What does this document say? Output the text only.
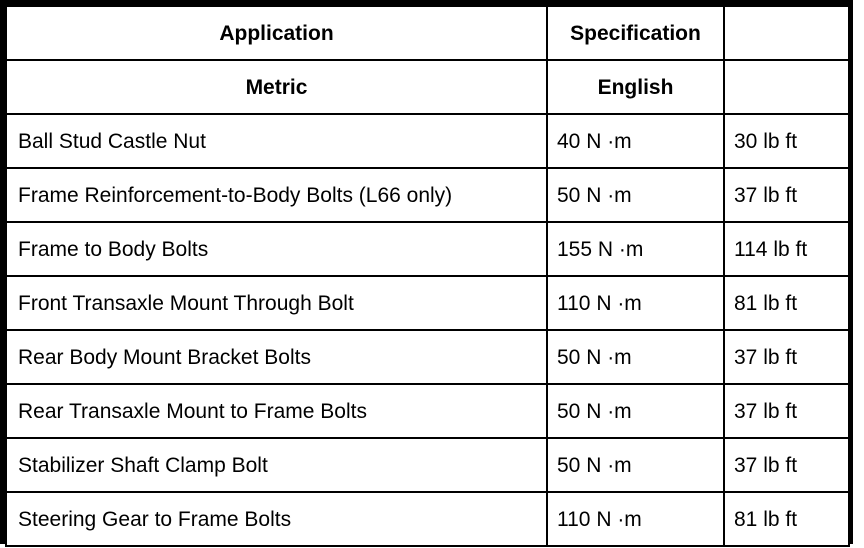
Application	Specification	
Metric	English	
Ball Stud Castle Nut	40 N ·m	30 lb ft
Frame Reinforcement-to-Body Bolts (L66 only)	50 N ·m	37 lb ft
Frame to Body Bolts	155 N ·m	114 lb ft
Front Transaxle Mount Through Bolt	110 N ·m	81 lb ft
Rear Body Mount Bracket Bolts	50 N ·m	37 lb ft
Rear Transaxle Mount to Frame Bolts	50 N ·m	37 lb ft
Stabilizer Shaft Clamp Bolt	50 N ·m	37 lb ft
Steering Gear to Frame Bolts	110 N ·m	81 lb ft
